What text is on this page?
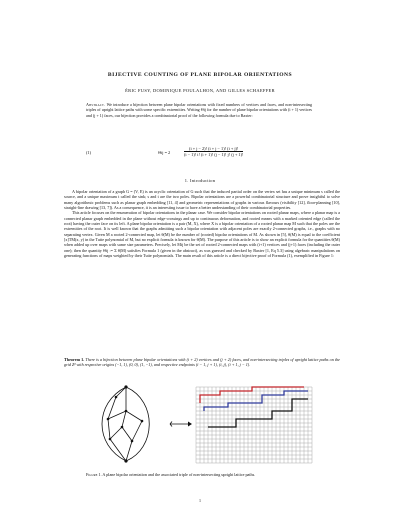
BIJECTIVE COUNTING OF PLANE BIPOLAR ORIENTATIONS
ÉRIC FUSY, DOMINIQUE POULALHON, AND GILLES SCHAEFFER
Abstract. We introduce a bijection between plane bipolar orientations with fixed numbers of vertices and faces, and non-intersecting triples of upright lattice paths with some specific extremities. Writing Θij for the number of plane bipolar orientations with (i + 1) vertices and (j + 1) faces, our bijection provides a combinatorial proof of the following formula due to Baxter:
(1)	Θij = 2	$\frac{(i + j - 2)! (i + j - 1)! (i + j)!}{(i - 1)! i! (i + 1)! (j - 1)! j! (j + 1)!}$
1. Introduction

A bipolar orientation of a graph G = (V, E) is an acyclic orientation of G such that the induced partial order on the vertex set has a unique minimum s called the source, and a unique maximum t called the sink; s and t are the two poles. Bipolar orientations are a powerful combinatorial structure and prove insightful to solve many algorithmic problems such as planar graph embedding [11, 4] and geometric representations of graphs in various flavours (visibility [12], floor-planning [10], straight-line drawing [13, 7]). As a consequence, it is an interesting issue to have a better understanding of their combinatorial properties.

This article focuses on the enumeration of bipolar orientations in the planar case. We consider bipolar orientations on rooted planar maps, where a planar map is a connected planar graph embedded in the plane without edge-crossings and up to continuous deformation, and rooted means with a marked oriented edge (called the root) having the outer face on its left. A plane bipolar orientation is a pair (M, X), where X is a bipolar orientation of a rooted planar map M such that the poles are the extremities of the root. It is well known that the graphs admitting such a bipolar orientation with adjacent poles are exactly 2-connected graphs, i.e., graphs with no separating vertex. Given M a rooted 2-connected map, let θ(M) be the number of (rooted) bipolar orientations of M. As shown in [5], θ(M) is equal to the coefficient [x]TM(x, y) in the Tutte polynomial of M, but no explicit formula is known for θ(M). The purpose of this article is to show an explicit formula for the quantities θ(M) when added up over maps with same size parameters. Precisely, let Mij be the set of rooted 2-connected maps with (i+1) vertices and (j+1) faces (including the outer one); then the quantity Θij := Σ θ(M) satisfies Formula 1 (given in the abstract), as was guessed and checked by Baxter [1, Eq 5.3] using algebraic manipulations on generating functions of maps weighted by their Tutte polynomials. The main result of this article is a direct bijective proof of Formula (1), exemplified in Figure 1:

Theorem 1. There is a bijection between plane bipolar orientations with (i + 2) vertices and (j + 2) faces, and non-intersecting triples of upright lattice paths on the grid Z² with respective origins (−1, 1), (0, 0), (1, −1), and respective endpoints (i − 1, j + 1), (i, j), (i + 1, j − 1).
Figure 1. A plane bipolar orientation and the associated triple of non-intersecting upright lattice paths.
1
